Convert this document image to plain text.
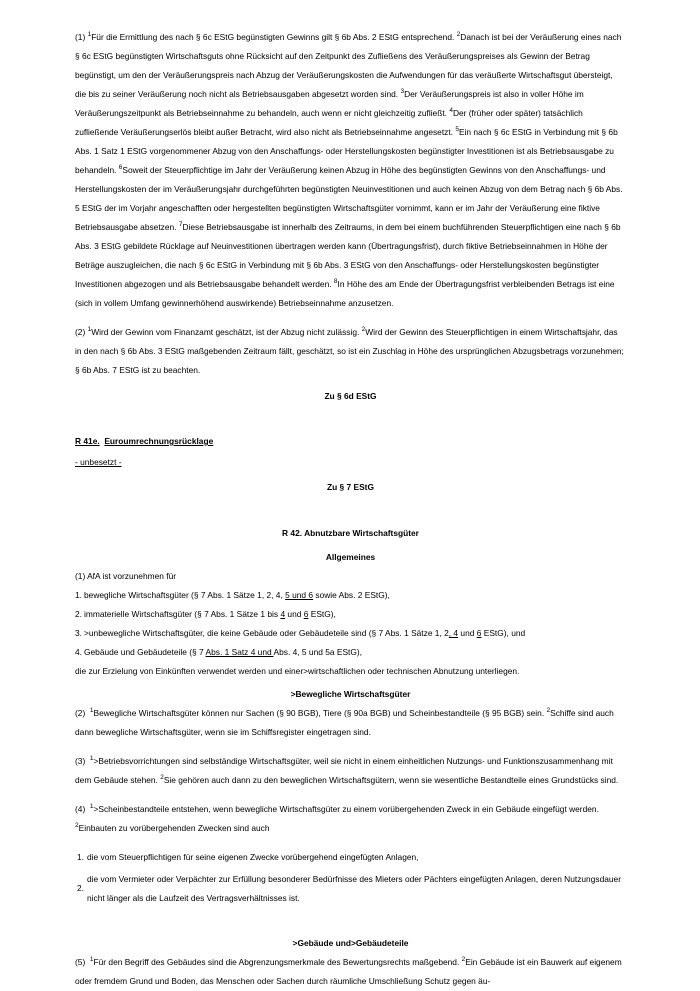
(1) $^1$Für die Ermittlung des nach § 6c EStG begünstigten Gewinns gilt § 6b Abs. 2 EStG entsprechend. $^2$Danach ist bei der Veräußerung eines nach § 6c EStG begünstigten Wirtschaftsguts ohne Rücksicht auf den Zeitpunkt des Zufließens des Veräußerungspreises als Gewinn der Betrag begünstigt, um den der Veräußerungspreis nach Abzug der Veräußerungskosten die Aufwendungen für das veräußerte Wirtschaftsgut übersteigt, die bis zu seiner Veräußerung noch nicht als Betriebsausgaben abgesetzt worden sind. $^3$Der Veräußerungspreis ist also in voller Höhe im Veräußerungszeitpunkt als Betriebseinnahme zu behandeln, auch wenn er nicht gleichzeitig zufließt. $^4$Der (früher oder später) tatsächlich zufließende Veräußerungserlös bleibt außer Betracht, wird also nicht als Betriebseinnahme angesetzt. $^5$Ein nach § 6c EStG in Verbindung mit § 6b Abs. 1 Satz 1 EStG vorgenommener Abzug von den Anschaffungs- oder Herstellungskosten begünstigter Investitionen ist als Betriebsausgabe zu behandeln. $^6$Soweit der Steuerpflichtige im Jahr der Veräußerung keinen Abzug in Höhe des begünstigten Gewinns von den Anschaffungs- und Herstellungskosten der im Veräußerungsjahr durchgeführten begünstigten Neuinvestitionen und auch keinen Abzug von dem Betrag nach § 6b Abs. 5 EStG der im Vorjahr angeschafften oder hergestellten begünstigten Wirtschaftsgüter vornimmt, kann er im Jahr der Veräußerung eine fiktive Betriebsausgabe absetzen. $^7$Diese Betriebsausgabe ist innerhalb des Zeitraums, in dem bei einem buchführenden Steuerpflichtigen eine nach § 6b Abs. 3 EStG gebildete Rücklage auf Neuinvestitionen übertragen werden kann (Übertragungsfrist), durch fiktive Betriebseinnahmen in Höhe der Beträge auszugleichen, die nach § 6c EStG in Verbindung mit § 6b Abs. 3 EStG von den Anschaffungs- oder Herstellungskosten begünstigter Investitionen abgezogen und als Betriebsausgabe behandelt werden. $^8$In Höhe des am Ende der Übertragungsfrist verbleibenden Betrags ist eine (sich in vollem Umfang gewinnerhöhend auswirkende) Betriebseinnahme anzusetzen.

(2) $^1$Wird der Gewinn vom Finanzamt geschätzt, ist der Abzug nicht zulässig. $^2$Wird der Gewinn des Steuerpflichtigen in einem Wirtschaftsjahr, das in den nach § 6b Abs. 3 EStG maßgebenden Zeitraum fällt, geschätzt, so ist ein Zuschlag in Höhe des ursprünglichen Abzugsbetrags vorzunehmen; § 6b Abs. 7 EStG ist zu beachten.

Zu § 6d EStG
R 41e. Euroumrechnungsrücklage
- unbesetzt -
Zu § 7 EStG
R 42. Abnutzbare Wirtschaftsgüter
Allgemeines
(1) AfA ist vorzunehmen für
1. bewegliche Wirtschaftsgüter (§ 7 Abs. 1 Sätze 1, 2, 4, 5 und 6 sowie Abs. 2 EStG),
2. immaterielle Wirtschaftsgüter (§ 7 Abs. 1 Sätze 1 bis 4 und 6 EStG),
3. >unbewegliche Wirtschaftsgüter, die keine Gebäude oder Gebäudeteile sind (§ 7 Abs. 1 Sätze 1, 2, 4 und 6 EStG), und
4. Gebäude und Gebäudeteile (§ 7 Abs. 1 Satz 4 und Abs. 4, 5 und 5a EStG),
die zur Erzielung von Einkünften verwendet werden und einer>wirtschaftlichen oder technischen Abnutzung unterliegen.
>Bewegliche Wirtschaftsgüter

(2)  $^1$Bewegliche Wirtschaftsgüter können nur Sachen (§ 90 BGB), Tiere (§ 90a BGB) und Scheinbestandteile (§ 95 BGB) sein. $^2$Schiffe sind auch dann bewegliche Wirtschaftsgüter, wenn sie im Schiffsregister eingetragen sind.

(3)  $^1$>Betriebsvorrichtungen sind selbständige Wirtschaftsgüter, weil sie nicht in einem einheitlichen Nutzungs- und Funktionszusammenhang mit dem Gebäude stehen. $^2$Sie gehören auch dann zu den beweglichen Wirtschaftsgütern, wenn sie wesentliche Bestandteile eines Grundstücks sind.

(4)  $^1$>Scheinbestandteile entstehen, wenn bewegliche Wirtschaftsgüter zu einem vorübergehenden Zweck in ein Gebäude eingefügt werden. $^2$Einbauten zu vorübergehenden Zwecken sind auch

1. die vom Steuerpflichtigen für seine eigenen Zwecke vorübergehend eingefügten Anlagen,
2.
die vom Vermieter oder Verpächter zur Erfüllung besonderer Bedürfnisse des Mieters oder Pächters eingefügten Anlagen, deren Nutzungsdauer nicht länger als die Laufzeit des Vertragsverhältnisses ist.
>Gebäude und>Gebäudeteile

(5)  $^1$Für den Begriff des Gebäudes sind die Abgrenzungsmerkmale des Bewertungsrechts maßgebend. $^2$Ein Gebäude ist ein Bauwerk auf eigenem oder fremdem Grund und Boden, das Menschen oder Sachen durch räumliche Umschließung Schutz gegen äu-
